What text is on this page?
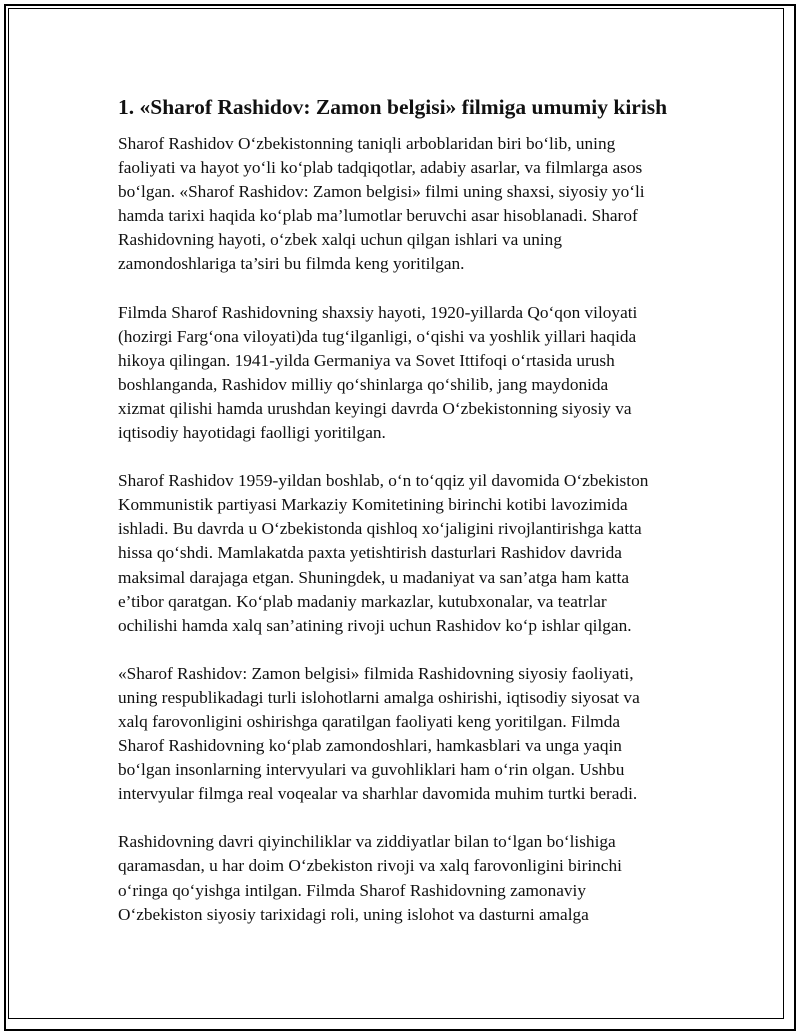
1. «Sharof Rashidov: Zamon belgisi» filmiga umumiy kirish
Sharof Rashidov O‘zbekistonning taniqli arboblaridan biri bo‘lib, uning
faoliyati va hayot yo‘li ko‘plab tadqiqotlar, adabiy asarlar, va filmlarga asos
bo‘lgan. «Sharof Rashidov: Zamon belgisi» filmi uning shaxsi, siyosiy yo‘li
hamda tarixi haqida ko‘plab ma’lumotlar beruvchi asar hisoblanadi. Sharof
Rashidovning hayoti, o‘zbek xalqi uchun qilgan ishlari va uning
zamondoshlariga ta’siri bu filmda keng yoritilgan.
Filmda Sharof Rashidovning shaxsiy hayoti, 1920-yillarda Qo‘qon viloyati
(hozirgi Farg‘ona viloyati)da tug‘ilganligi, o‘qishi va yoshlik yillari haqida
hikoya qilingan. 1941-yilda Germaniya va Sovet Ittifoqi o‘rtasida urush
boshlanganda, Rashidov milliy qo‘shinlarga qo‘shilib, jang maydonida
xizmat qilishi hamda urushdan keyingi davrda O‘zbekistonning siyosiy va
iqtisodiy hayotidagi faolligi yoritilgan.
Sharof Rashidov 1959-yildan boshlab, o‘n to‘qqiz yil davomida O‘zbekiston
Kommunistik partiyasi Markaziy Komitetining birinchi kotibi lavozimida
ishladi. Bu davrda u O‘zbekistonda qishloq xo‘jaligini rivojlantirishga katta
hissa qo‘shdi. Mamlakatda paxta yetishtirish dasturlari Rashidov davrida
maksimal darajaga etgan. Shuningdek, u madaniyat va san’atga ham katta
e’tibor qaratgan. Ko‘plab madaniy markazlar, kutubxonalar, va teatrlar
ochilishi hamda xalq san’atining rivoji uchun Rashidov ko‘p ishlar qilgan.
«Sharof Rashidov: Zamon belgisi» filmida Rashidovning siyosiy faoliyati,
uning respublikadagi turli islohotlarni amalga oshirishi, iqtisodiy siyosat va
xalq farovonligini oshirishga qaratilgan faoliyati keng yoritilgan. Filmda
Sharof Rashidovning ko‘plab zamondoshlari, hamkasblari va unga yaqin
bo‘lgan insonlarning intervyulari va guvohliklari ham o‘rin olgan. Ushbu
intervyular filmga real voqealar va sharhlar davomida muhim turtki beradi.
Rashidovning davri qiyinchiliklar va ziddiyatlar bilan to‘lgan bo‘lishiga
qaramasdan, u har doim O‘zbekiston rivoji va xalq farovonligini birinchi
o‘ringa qo‘yishga intilgan. Filmda Sharof Rashidovning zamonaviy
O‘zbekiston siyosiy tarixidagi roli, uning islohot va dasturni amalga
